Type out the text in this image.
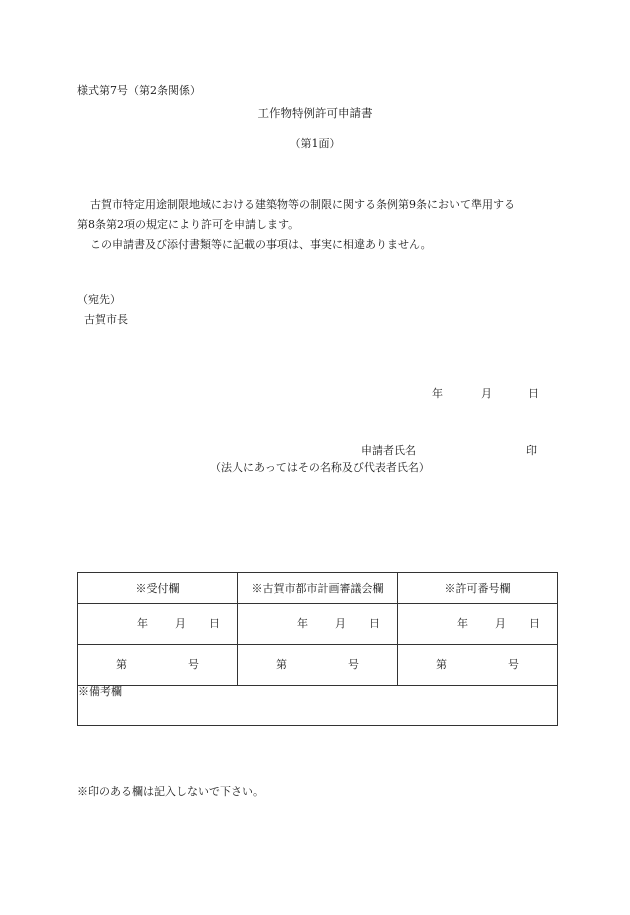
様式第7号（第2条関係）
工作物特例許可申請書
（第1面）
古賀市特定用途制限地域における建築物等の制限に関する条例第9条において準用する
第8条第2項の規定により許可を申請します。
この申請書及び添付書類等に記載の事項は、事実に相違ありません。
（宛先）
古賀市長
年	月	日
申請者氏名	印
（法人にあってはその名称及び代表者氏名）
※受付欄	※古賀市都市計画審議会欄	※許可番号欄

年 月 日	年 月 日	年 月 日

第 号	第 号	第 号

※備考欄		
※印のある欄は記入しないで下さい。
